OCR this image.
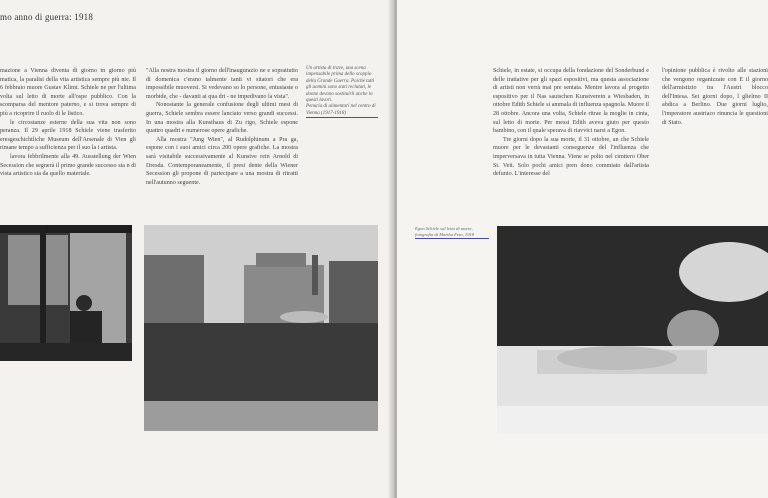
mo anno di guerra: 1918

mazione a Vienna diventa di giorno in giorno più matica, la paralisi della vita artistica sempre più nte. Il 6 febbraio muore Gustav Klimt. Schiele ne per l'ultima volta sul letto di morte all'ospe pubblico. Con la scomparsa del mentore paterno, e si trova sempre di più a ricoprire il ruolo di le listico.

le circostanze esterne della sua vita non sono peranza. Il 29 aprile 1918 Schiele viene trasferito eresgeschichtliche Museum dell'Arsenale di Vien gli rimane tempo a sufficienza per il suo la i artista.

lavora febbrilmente alla 49. Ausstellung der Wien Secession che segnerà il primo grande successo sia n di vista artistico sia da quello materiale.

"Alla nostra mostra il giorno dell'inaugurazio ne e soprattutto di domenica c'erano talmente tanti vi sitatori che era impossibile muoversi. Si vedevano so lo persone, entusiaste o morbide, che - davanti ai qua dri - ne impedivano la vista".

Nonostante la generale confusione degli ultimi mesi di guerra, Schiele sembra essere lanciato verso grandi successi. In una mostra alla Kunsthaus di Zu rigo, Schiele espone quattro quadri e numerose opere grafiche.

Alla mostra "Jung Wien", al Rudolphinum a Pra ga, espone con i suoi amici circa 200 opere grafiche. La mostra sarà visitabile successivamente al Kunstve rein Arnold di Dresda. Contemporaneamente, il presi dente della Wiener Secession gli propone di partecipare a una mostra di ritratti nell'autunno seguente.

Un artista di trave, una scena impensabile prima dello scoppio della Grande Guerra. Poiché tutti gli uomini sono stati reclutati, le donne devono sostituirli anche in questi lavori.
Penuria di alimentari nel centro di Vienna (1917-1918)

Schiele, in estate, si occupa della fondazione del Sonderbund e delle trattative per gli spazi espositivi, ma questa associazione di artisti non verrà mai pre sentata. Mentre lavora al progetto espositivo per il Nas sauischen Kunstverein a Wiesbaden, in ottobre Edith Schiele si ammala di influenza spagnola. Muore il 28 ottobre. Ancora una volta, Schiele ritrae la moglie in cinta, sul letto di morte. Per messi Edith aveva giuto per questo bambino, con il quale sperava di riavvici narsi a Egon.

Tre giorni dopo la sua morte, il 31 ottobre, an che Schiele muore per le devastanti conseguenze del l'influenza che imperversava in tutta Vienna. Viene se polto nel cimitero Ober St. Veit. Solo pochi amici pren dono commiato dall'artista defunto. L'interesse del

l'opinione pubblica è rivolto alle stazioni che vengono organizzate con E il giorno dell'armistizio tra l'Austri blocco dell'Intesa. Sei giorni dopo, l glielmo II abdica a Berlino. Due giorni luglio, l'imperatore austriaco rinuncia le questioni di Stato.

Egon Schiele sul letto di morte, fotografia di Martha Fein, 1918
